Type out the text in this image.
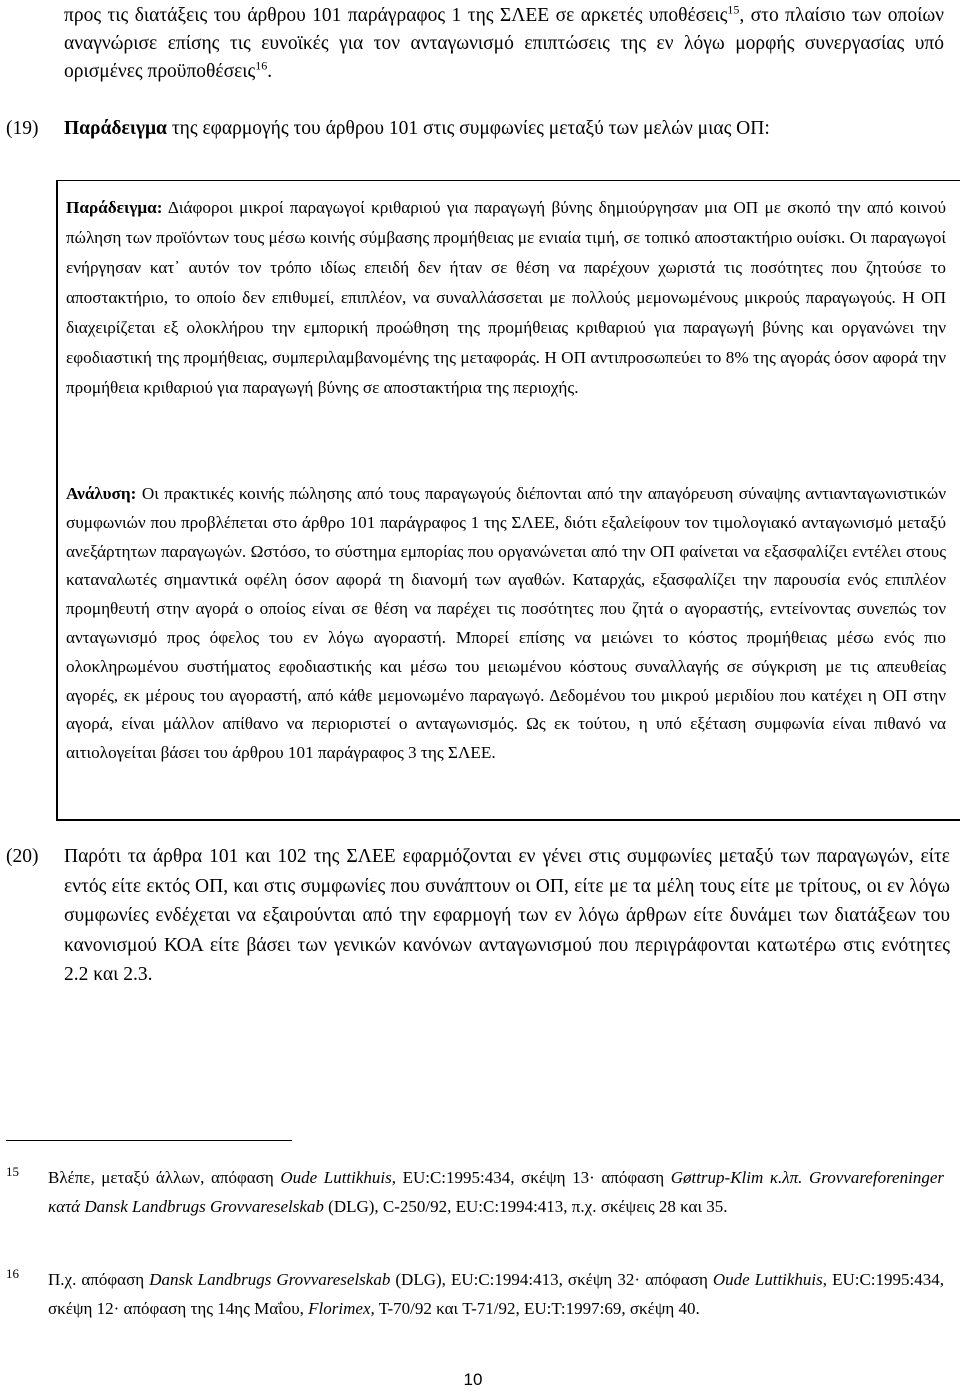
προς τις διατάξεις του άρθρου 101 παράγραφος 1 της ΣΛΕΕ σε αρκετές υποθέσεις$^{15}$, στο πλαίσιο των οποίων αναγνώρισε επίσης τις ευνοϊκές για τον ανταγωνισμό επιπτώσεις της εν λόγω μορφής συνεργασίας υπό ορισμένες προϋποθέσεις$^{16}$.

(19) Παράδειγμα της εφαρμογής του άρθρου 101 στις συμφωνίες μεταξύ των μελών μιας ΟΠ:

Παράδειγμα: Διάφοροι μικροί παραγωγοί κριθαριού για παραγωγή βύνης δημιούργησαν μια ΟΠ με σκοπό την από κοινού πώληση των προϊόντων τους μέσω κοινής σύμβασης προμήθειας με ενιαία τιμή, σε τοπικό αποστακτήριο ουίσκι. Οι παραγωγοί ενήργησαν κατ᾽ αυτόν τον τρόπο ιδίως επειδή δεν ήταν σε θέση να παρέχουν χωριστά τις ποσότητες που ζητούσε το αποστακτήριο, το οποίο δεν επιθυμεί, επιπλέον, να συναλλάσσεται με πολλούς μεμονωμένους μικρούς παραγωγούς. Η ΟΠ διαχειρίζεται εξ ολοκλήρου την εμπορική προώθηση της προμήθειας κριθαριού για παραγωγή βύνης και οργανώνει την εφοδιαστική της προμήθειας, συμπεριλαμβανομένης της μεταφοράς. Η ΟΠ αντιπροσωπεύει το 8% της αγοράς όσον αφορά την προμήθεια κριθαριού για παραγωγή βύνης σε αποστακτήρια της περιοχής.

Ανάλυση: Οι πρακτικές κοινής πώλησης από τους παραγωγούς διέπονται από την απαγόρευση σύναψης αντιανταγωνιστικών συμφωνιών που προβλέπεται στο άρθρο 101 παράγραφος 1 της ΣΛΕΕ, διότι εξαλείφουν τον τιμολογιακό ανταγωνισμό μεταξύ ανεξάρτητων παραγωγών. Ωστόσο, το σύστημα εμπορίας που οργανώνεται από την ΟΠ φαίνεται να εξασφαλίζει εντέλει στους καταναλωτές σημαντικά οφέλη όσον αφορά τη διανομή των αγαθών. Καταρχάς, εξασφαλίζει την παρουσία ενός επιπλέον προμηθευτή στην αγορά ο οποίος είναι σε θέση να παρέχει τις ποσότητες που ζητά ο αγοραστής, εντείνοντας συνεπώς τον ανταγωνισμό προς όφελος του εν λόγω αγοραστή. Μπορεί επίσης να μειώνει το κόστος προμήθειας μέσω ενός πιο ολοκληρωμένου συστήματος εφοδιαστικής και μέσω του μειωμένου κόστους συναλλαγής σε σύγκριση με τις απευθείας αγορές, εκ μέρους του αγοραστή, από κάθε μεμονωμένο παραγωγό. Δεδομένου του μικρού μεριδίου που κατέχει η ΟΠ στην αγορά, είναι μάλλον απίθανο να περιοριστεί ο ανταγωνισμός. Ως εκ τούτου, η υπό εξέταση συμφωνία είναι πιθανό να αιτιολογείται βάσει του άρθρου 101 παράγραφος 3 της ΣΛΕΕ.

(20) Παρότι τα άρθρα 101 και 102 της ΣΛΕΕ εφαρμόζονται εν γένει στις συμφωνίες μεταξύ των παραγωγών, είτε εντός είτε εκτός ΟΠ, και στις συμφωνίες που συνάπτουν οι ΟΠ, είτε με τα μέλη τους είτε με τρίτους, οι εν λόγω συμφωνίες ενδέχεται να εξαιρούνται από την εφαρμογή των εν λόγω άρθρων είτε δυνάμει των διατάξεων του κανονισμού ΚΟΑ είτε βάσει των γενικών κανόνων ανταγωνισμού που περιγράφονται κατωτέρω στις ενότητες 2.2 και 2.3.
15 Βλέπε, μεταξύ άλλων, απόφαση Oude Luttikhuis, EU:C:1995:434, σκέψη 13· απόφαση Gøttrup-Klim κ.λπ. Grovvareforeninger κατά Dansk Landbrugs Grovvareselskab (DLG), C-250/92, EU:C:1994:413, π.χ. σκέψεις 28 και 35.
16 Π.χ. απόφαση Dansk Landbrugs Grovvareselskab (DLG), EU:C:1994:413, σκέψη 32· απόφαση Oude Luttikhuis, EU:C:1995:434, σκέψη 12· απόφαση της 14ης Μαΐου, Florimex, T-70/92 και T-71/92, EU:T:1997:69, σκέψη 40.
10
